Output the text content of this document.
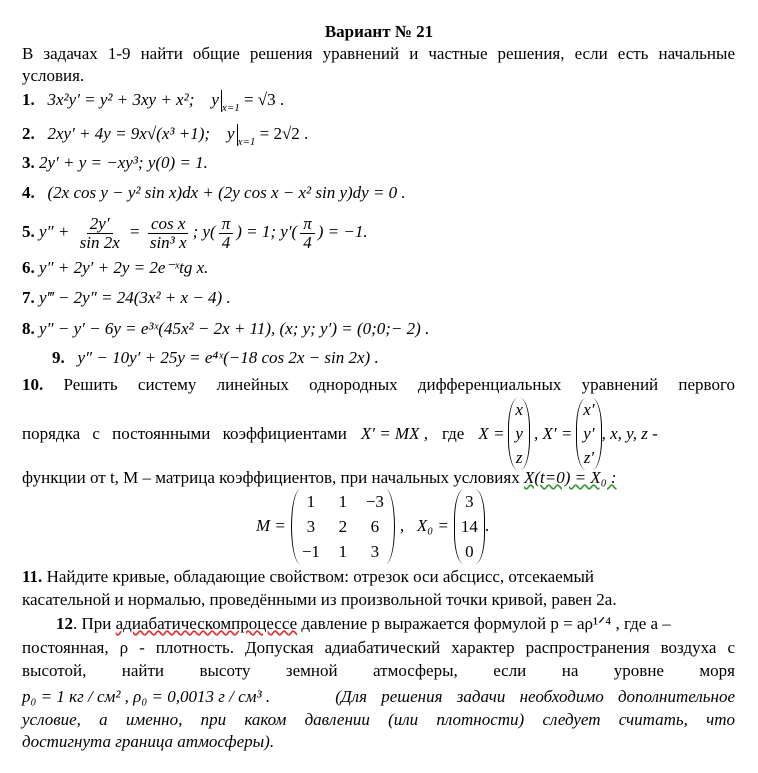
Вариант № 21
В задачах 1-9 найти общие решения уравнений и частные решения, если есть начальные
условия.
1. 3x²y′ = y² + 3xy + x²; y $_{x=1}$ = √3 .
2. 2xy′ + 4y = 9x√(x³ +1); y $_{x=1}$ = 2√2 .
3. 2y′ + y = −xy³; y(0) = 1.
4. (2x cos y − y² sin x)dx + (2y cos x − x² sin y)dy = 0 .
5. $y'' + \frac{2y'}{\sin 2x} = \frac{\text{cos x}}{\text{sin³ x}}$ ; $y( \frac{\pi}{4}$ ) = 1; $y'( \frac{\pi}{4}$ ) = −1.
6. y″ + 2y′ + 2y = 2e⁻ˣtg x.
7. y‴ − 2y″ = 24(3x² + x − 4) .
8. y″ − y′ − 6y = e³ˣ(45x² − 2x + 11), (x; y; y′) = (0;0;− 2) .
9. y″ − 10y′ + 25y = e⁴ˣ(−18 cos 2x − sin 2x) .
10. Решить систему линейных однородных дифференциальных уравнений первого
порядка с постоянными коэффициентами X′ = MX , где X =
x
y
z
, X′ =
x′
y′
z′
, x, y, z -
функции от t, M – матрица коэффициентов, при начальных условиях X(t=0) = X₀ :
M =
1	1	−3
3	2	6
−1	1	3
,   X₀ =
3
14
0
.
11. Найдите кривые, обладающие свойством: отрезок оси абсцисс, отсекаемый
касательной и нормалью, проведёнными из произвольной точки кривой, равен 2a.
12. При адиабатическомпроцессе давление p выражается формулой p = aρ¹ᐟ⁴ , где a –
постоянная, ρ - плотность. Допуская адиабатический характер распространения воздуха с
высотой, найти высоту земной атмосферы, если на уровне моря
p₀ = 1 кг / см² , ρ₀ = 0,0013 г / см³ .	(Для решения задачи необходимо дополнительное
условие, а именно, при каком давлении (или плотности) следует считать, что
достигнута граница атмосферы).
